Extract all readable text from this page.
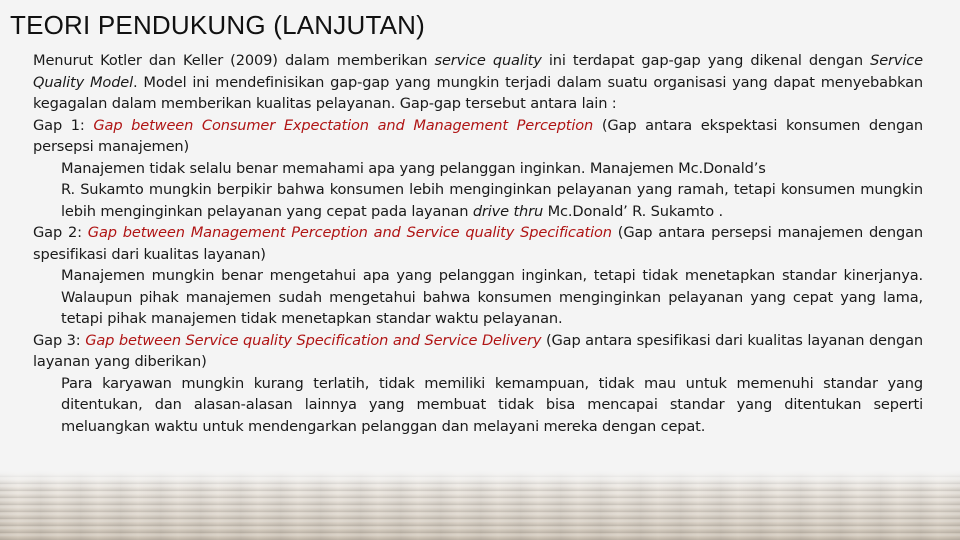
TEORI PENDUKUNG (LANJUTAN)

Menurut Kotler dan Keller (2009) dalam memberikan service quality ini terdapat gap-gap yang dikenal dengan Service Quality Model. Model ini mendefinisikan gap-gap yang mungkin terjadi dalam suatu organisasi yang dapat menyebabkan kegagalan dalam memberikan kualitas pelayanan. Gap-gap tersebut antara lain :

Gap 1: Gap between Consumer Expectation and Management Perception (Gap antara ekspektasi konsumen dengan persepsi manajemen)

Manajemen tidak selalu benar memahami apa yang pelanggan inginkan. Manajemen Mc.Donald’s

R. Sukamto mungkin berpikir bahwa konsumen lebih menginginkan pelayanan yang ramah, tetapi konsumen mungkin lebih menginginkan pelayanan yang cepat pada layanan drive thru Mc.Donald’ R. Sukamto .

Gap 2: Gap between Management Perception and Service quality Specification (Gap antara persepsi manajemen dengan spesifikasi dari kualitas layanan)

Manajemen mungkin benar mengetahui apa yang pelanggan inginkan, tetapi tidak menetapkan standar kinerjanya. Walaupun pihak manajemen sudah mengetahui bahwa konsumen menginginkan pelayanan yang cepat yang lama, tetapi pihak manajemen tidak menetapkan standar waktu pelayanan.

Gap 3: Gap between Service quality Specification and Service Delivery (Gap antara spesifikasi dari kualitas layanan dengan layanan yang diberikan)

Para karyawan mungkin kurang terlatih, tidak memiliki kemampuan, tidak mau untuk memenuhi standar yang ditentukan, dan alasan-alasan lainnya yang membuat tidak bisa mencapai standar yang ditentukan seperti meluangkan waktu untuk mendengarkan pelanggan dan melayani mereka dengan cepat.
